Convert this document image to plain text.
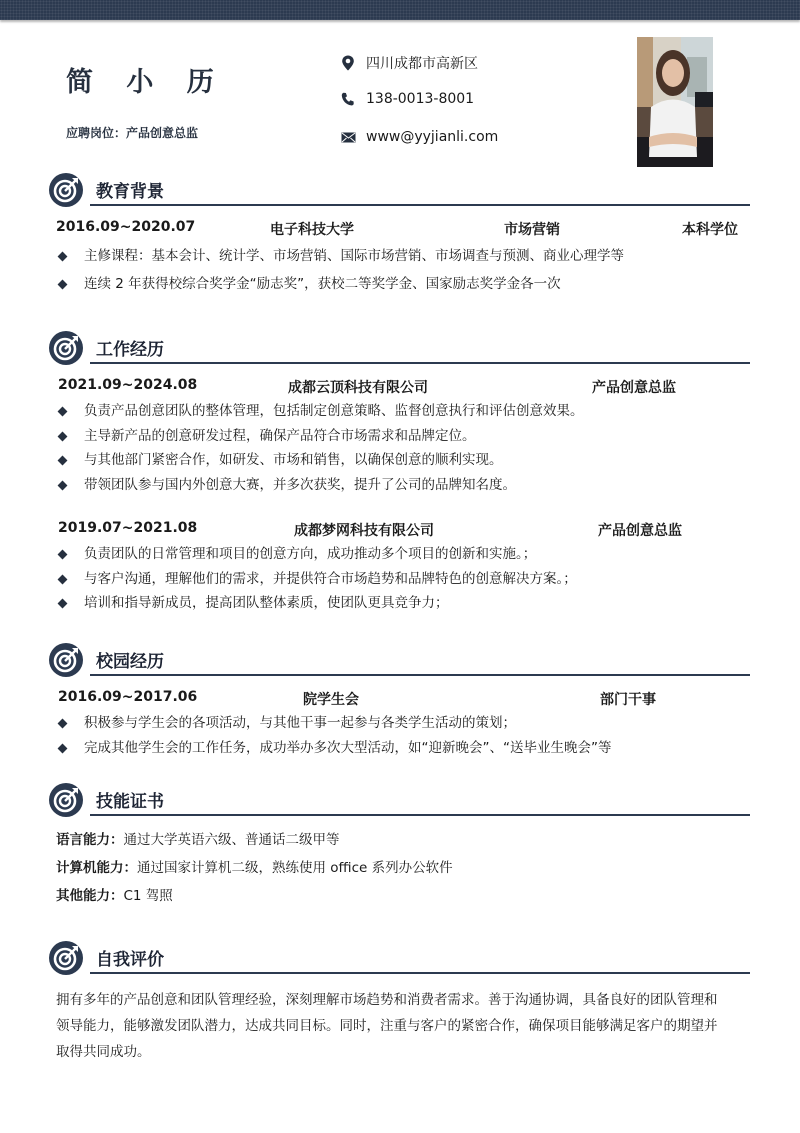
简 小 历
应聘岗位：产品创意总监
四川成都市高新区
138-0013-8001
www@yyjianli.com
教育背景
2016.09~2020.07	电子科技大学	市场营销	本科学位
主修课程：基本会计、统计学、市场营销、国际市场营销、市场调查与预测、商业心理学等
连续 2 年获得校综合奖学金“励志奖”，获校二等奖学金、国家励志奖学金各一次
工作经历
2021.09~2024.08	成都云顶科技有限公司	产品创意总监
负责产品创意团队的整体管理，包括制定创意策略、监督创意执行和评估创意效果。
主导新产品的创意研发过程，确保产品符合市场需求和品牌定位。
与其他部门紧密合作，如研发、市场和销售，以确保创意的顺利实现。
带领团队参与国内外创意大赛，并多次获奖，提升了公司的品牌知名度。
2019.07~2021.08	成都梦网科技有限公司	产品创意总监
负责团队的日常管理和项目的创意方向，成功推动多个项目的创新和实施。；
与客户沟通，理解他们的需求，并提供符合市场趋势和品牌特色的创意解决方案。；
培训和指导新成员，提高团队整体素质，使团队更具竞争力；
校园经历
2016.09~2017.06	院学生会	部门干事
积极参与学生会的各项活动，与其他干事一起参与各类学生活动的策划；
完成其他学生会的工作任务，成功举办多次大型活动，如“迎新晚会”、“送毕业生晚会”等
技能证书
语言能力：通过大学英语六级、普通话二级甲等
计算机能力：通过国家计算机二级，熟练使用 office 系列办公软件
其他能力：C1 驾照
自我评价
拥有多年的产品创意和团队管理经验，深刻理解市场趋势和消费者需求。善于沟通协调，具备良好的团队管理和
领导能力，能够激发团队潜力，达成共同目标。同时，注重与客户的紧密合作，确保项目能够满足客户的期望并
取得共同成功。
